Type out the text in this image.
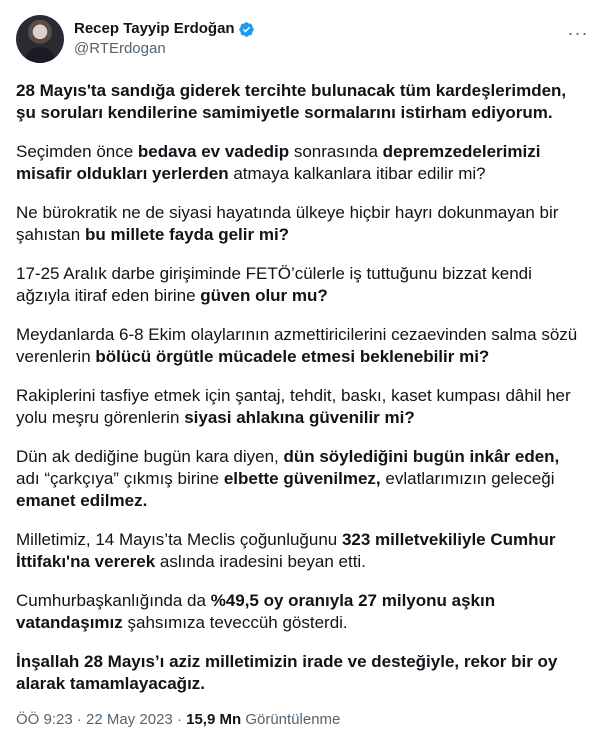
Recep Tayyip Erdoğan
@RTErdogan
···

28 Mayıs'ta sandığa giderek tercihte bulunacak tüm kardeşlerimden, şu soruları kendilerine samimiyetle sormalarını istirham ediyorum.

Seçimden önce bedava ev vadedip sonrasında depremzedelerimizi misafir oldukları yerlerden atmaya kalkanlara itibar edilir mi?

Ne bürokratik ne de siyasi hayatında ülkeye hiçbir hayrı dokunmayan bir şahıstan bu millete fayda gelir mi?

17-25 Aralık darbe girişiminde FETÖ’cülerle iş tuttuğunu bizzat kendi ağzıyla itiraf eden birine güven olur mu?

Meydanlarda 6-8 Ekim olaylarının azmettiricilerini cezaevinden salma sözü verenlerin bölücü örgütle mücadele etmesi beklenebilir mi?

Rakiplerini tasfiye etmek için şantaj, tehdit, baskı, kaset kumpası dâhil her yolu meşru görenlerin siyasi ahlakına güvenilir mi?

Dün ak dediğine bugün kara diyen, dün söylediğini bugün inkâr eden, adı “çarkçıya” çıkmış birine elbette güvenilmez, evlatlarımızın geleceği emanet edilmez.

Milletimiz, 14 Mayıs’ta Meclis çoğunluğunu 323 milletvekiliyle Cumhur İttifakı'na vererek aslında iradesini beyan etti.

Cumhurbaşkanlığında da %49,5 oy oranıyla 27 milyonu aşkın vatandaşımız şahsımıza teveccüh gösterdi.

İnşallah 28 Mayıs’ı aziz milletimizin irade ve desteğiyle, rekor bir oy alarak tamamlayacağız.

ÖÖ 9:23 · 22 May 2023 · 15,9 Mn Görüntülenme
